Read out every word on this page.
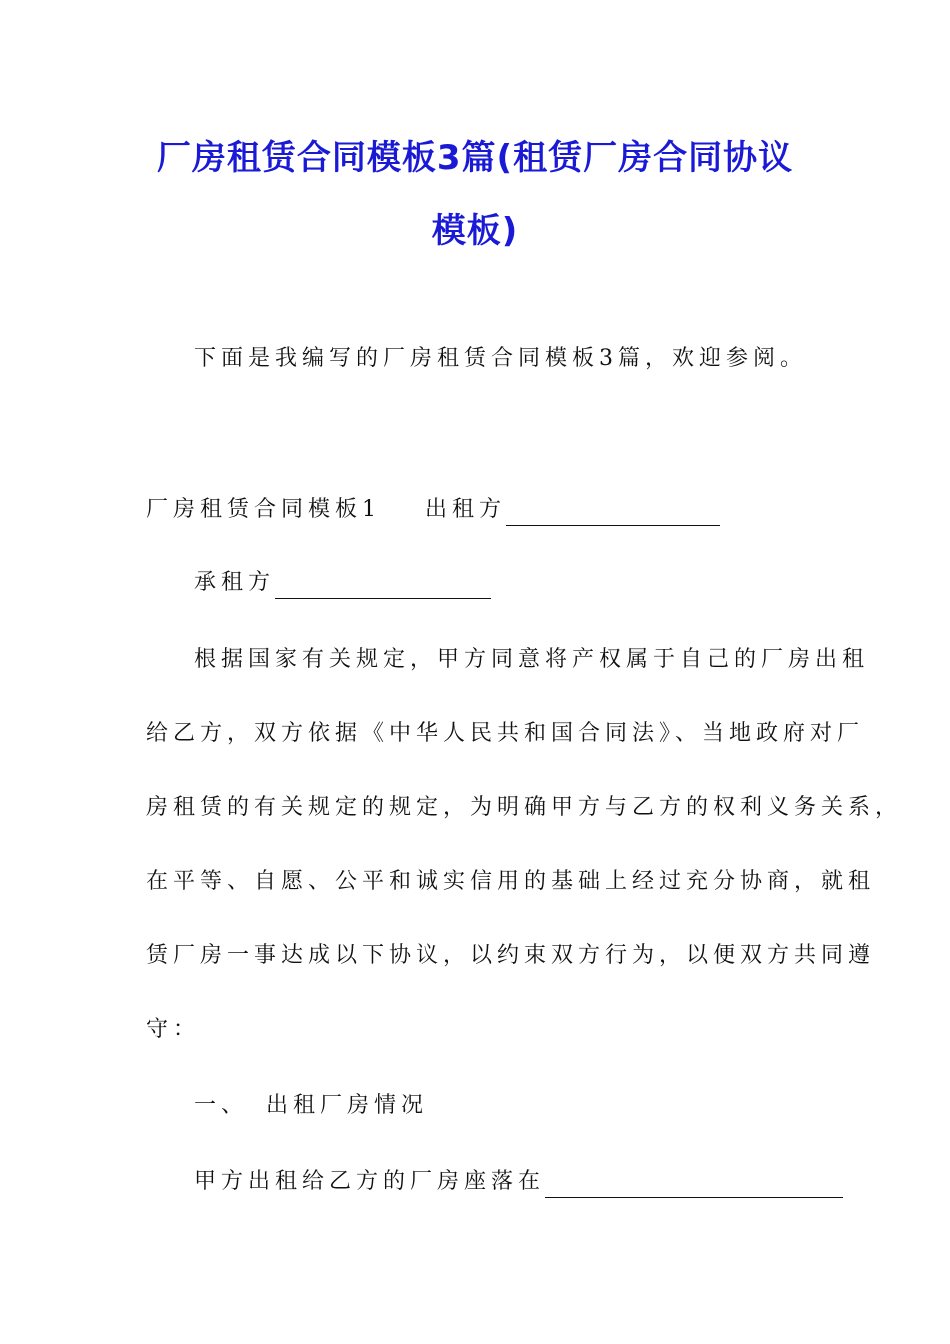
厂房租赁合同模板3篇(租赁厂房合同协议
模板)

下面是我编写的厂房租赁合同模板3篇，欢迎参阅。

厂房租赁合同模板1 出租方

承租方

根据国家有关规定，甲方同意将产权属于自己的厂房出租

给乙方，双方依据《中华人民共和国合同法》、当地政府对厂

房租赁的有关规定的规定，为明确甲方与乙方的权利义务关系，

在平等、自愿、公平和诚实信用的基础上经过充分协商，就租

赁厂房一事达成以下协议，以约束双方行为，以便双方共同遵

守：

一、 出租厂房情况

甲方出租给乙方的厂房座落在
